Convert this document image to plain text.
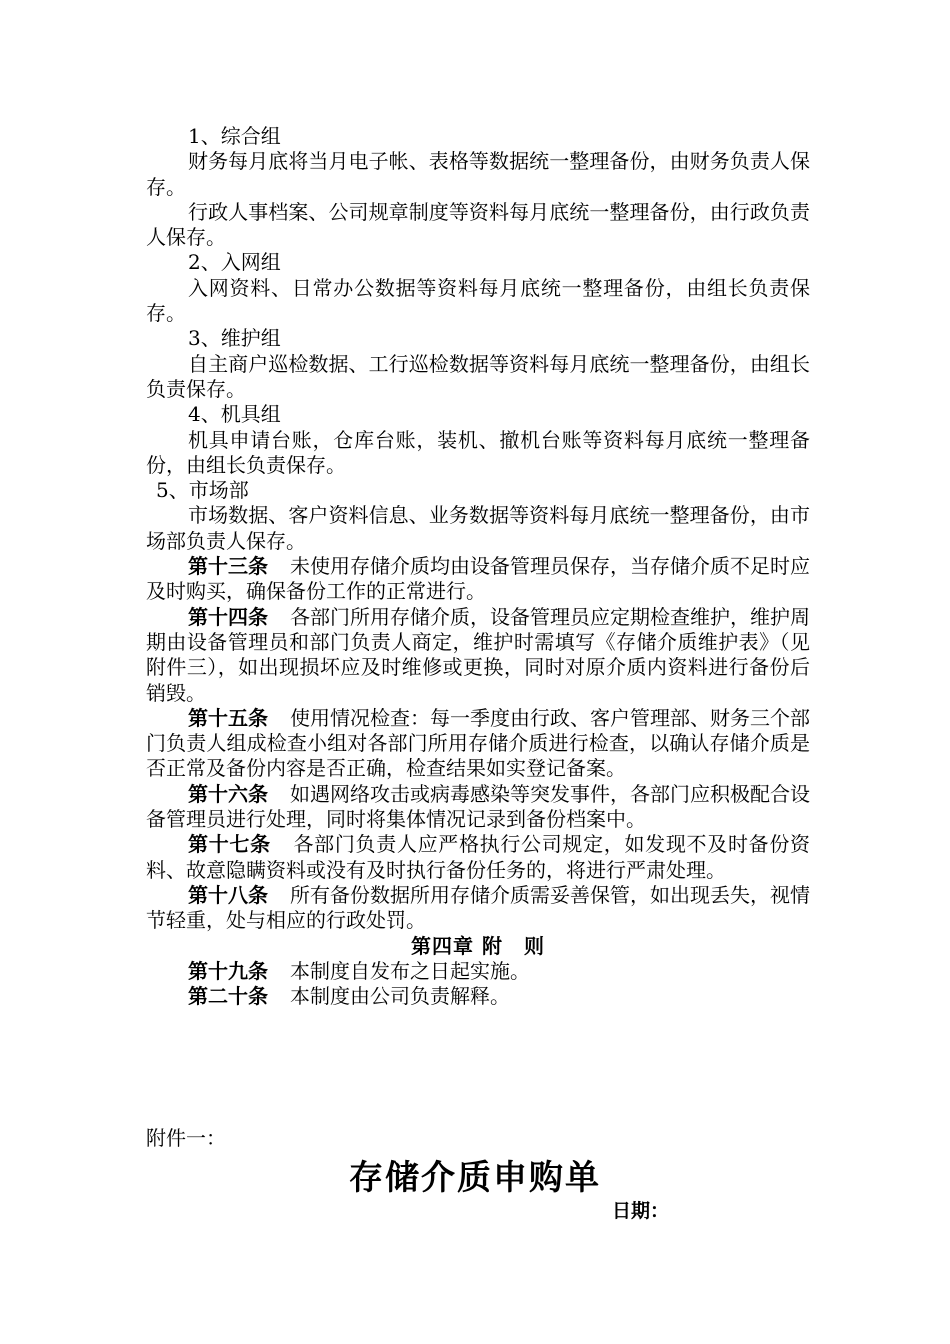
1、综合组

财务每月底将当月电子帐、表格等数据统一整理备份，由财务负责人保存。

行政人事档案、公司规章制度等资料每月底统一整理备份，由行政负责人保存。

2、入网组

入网资料、日常办公数据等资料每月底统一整理备份，由组长负责保存。

3、维护组

自主商户巡检数据、工行巡检数据等资料每月底统一整理备份，由组长负责保存。

4、机具组

机具申请台账，仓库台账，装机、撤机台账等资料每月底统一整理备份，由组长负责保存。

5、市场部

市场数据、客户资料信息、业务数据等资料每月底统一整理备份，由市场部负责人保存。

第十三条 未使用存储介质均由设备管理员保存，当存储介质不足时应及时购买，确保备份工作的正常进行。

第十四条 各部门所用存储介质，设备管理员应定期检查维护，维护周期由设备管理员和部门负责人商定，维护时需填写《存储介质维护表》（见附件三），如出现损坏应及时维修或更换，同时对原介质内资料进行备份后销毁。

第十五条 使用情况检查：每一季度由行政、客户管理部、财务三个部门负责人组成检查小组对各部门所用存储介质进行检查，以确认存储介质是否正常及备份内容是否正确，检查结果如实登记备案。

第十六条 如遇网络攻击或病毒感染等突发事件，各部门应积极配合设备管理员进行处理，同时将集体情况记录到备份档案中。

第十七条 各部门负责人应严格执行公司规定，如发现不及时备份资料、故意隐瞒资料或没有及时执行备份任务的，将进行严肃处理。

第十八条 所有备份数据所用存储介质需妥善保管，如出现丢失，视情节轻重，处与相应的行政处罚。

第四章 附　则

第十九条 本制度自发布之日起实施。

第二十条 本制度由公司负责解释。

附件一：
存储介质申购单
日期：
